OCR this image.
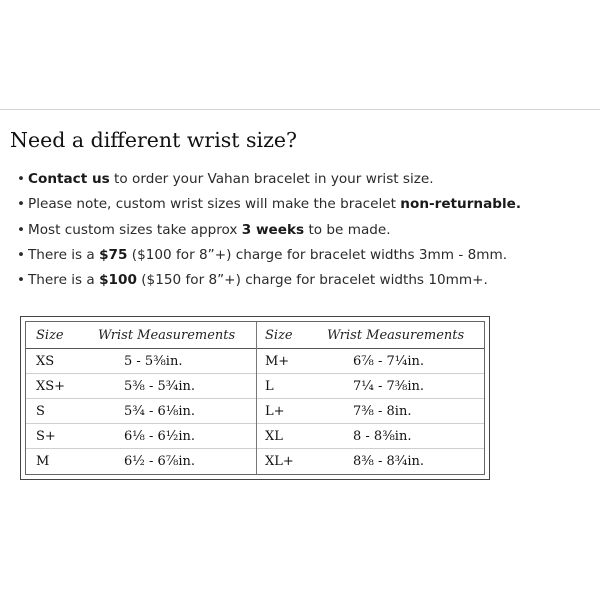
Need a different wrist size?
• Contact us to order your Vahan bracelet in your wrist size.
• Please note, custom wrist sizes will make the bracelet non-returnable.
• Most custom sizes take approx 3 weeks to be made.
• There is a $75 ($100 for 8”+) charge for bracelet widths 3mm - 8mm.
• There is a $100 ($150 for 8”+) charge for bracelet widths 10mm+.
Size	Wrist Measurements
XS	5 - 5³⁄₈in.
XS+	5³⁄₈ - 5³⁄₄in.
S	5³⁄₄ - 6¹⁄₈in.
S+	6¹⁄₈ - 6¹⁄₂in.
M	6¹⁄₂ - 6⁷⁄₈in.
Size	Wrist Measurements
M+	6⁷⁄₈ - 7¹⁄₄in.
L	7¹⁄₄ - 7³⁄₈in.
L+	7³⁄₈ - 8in.
XL	8 - 8³⁄₈in.
XL+	8³⁄₈ - 8³⁄₄in.
